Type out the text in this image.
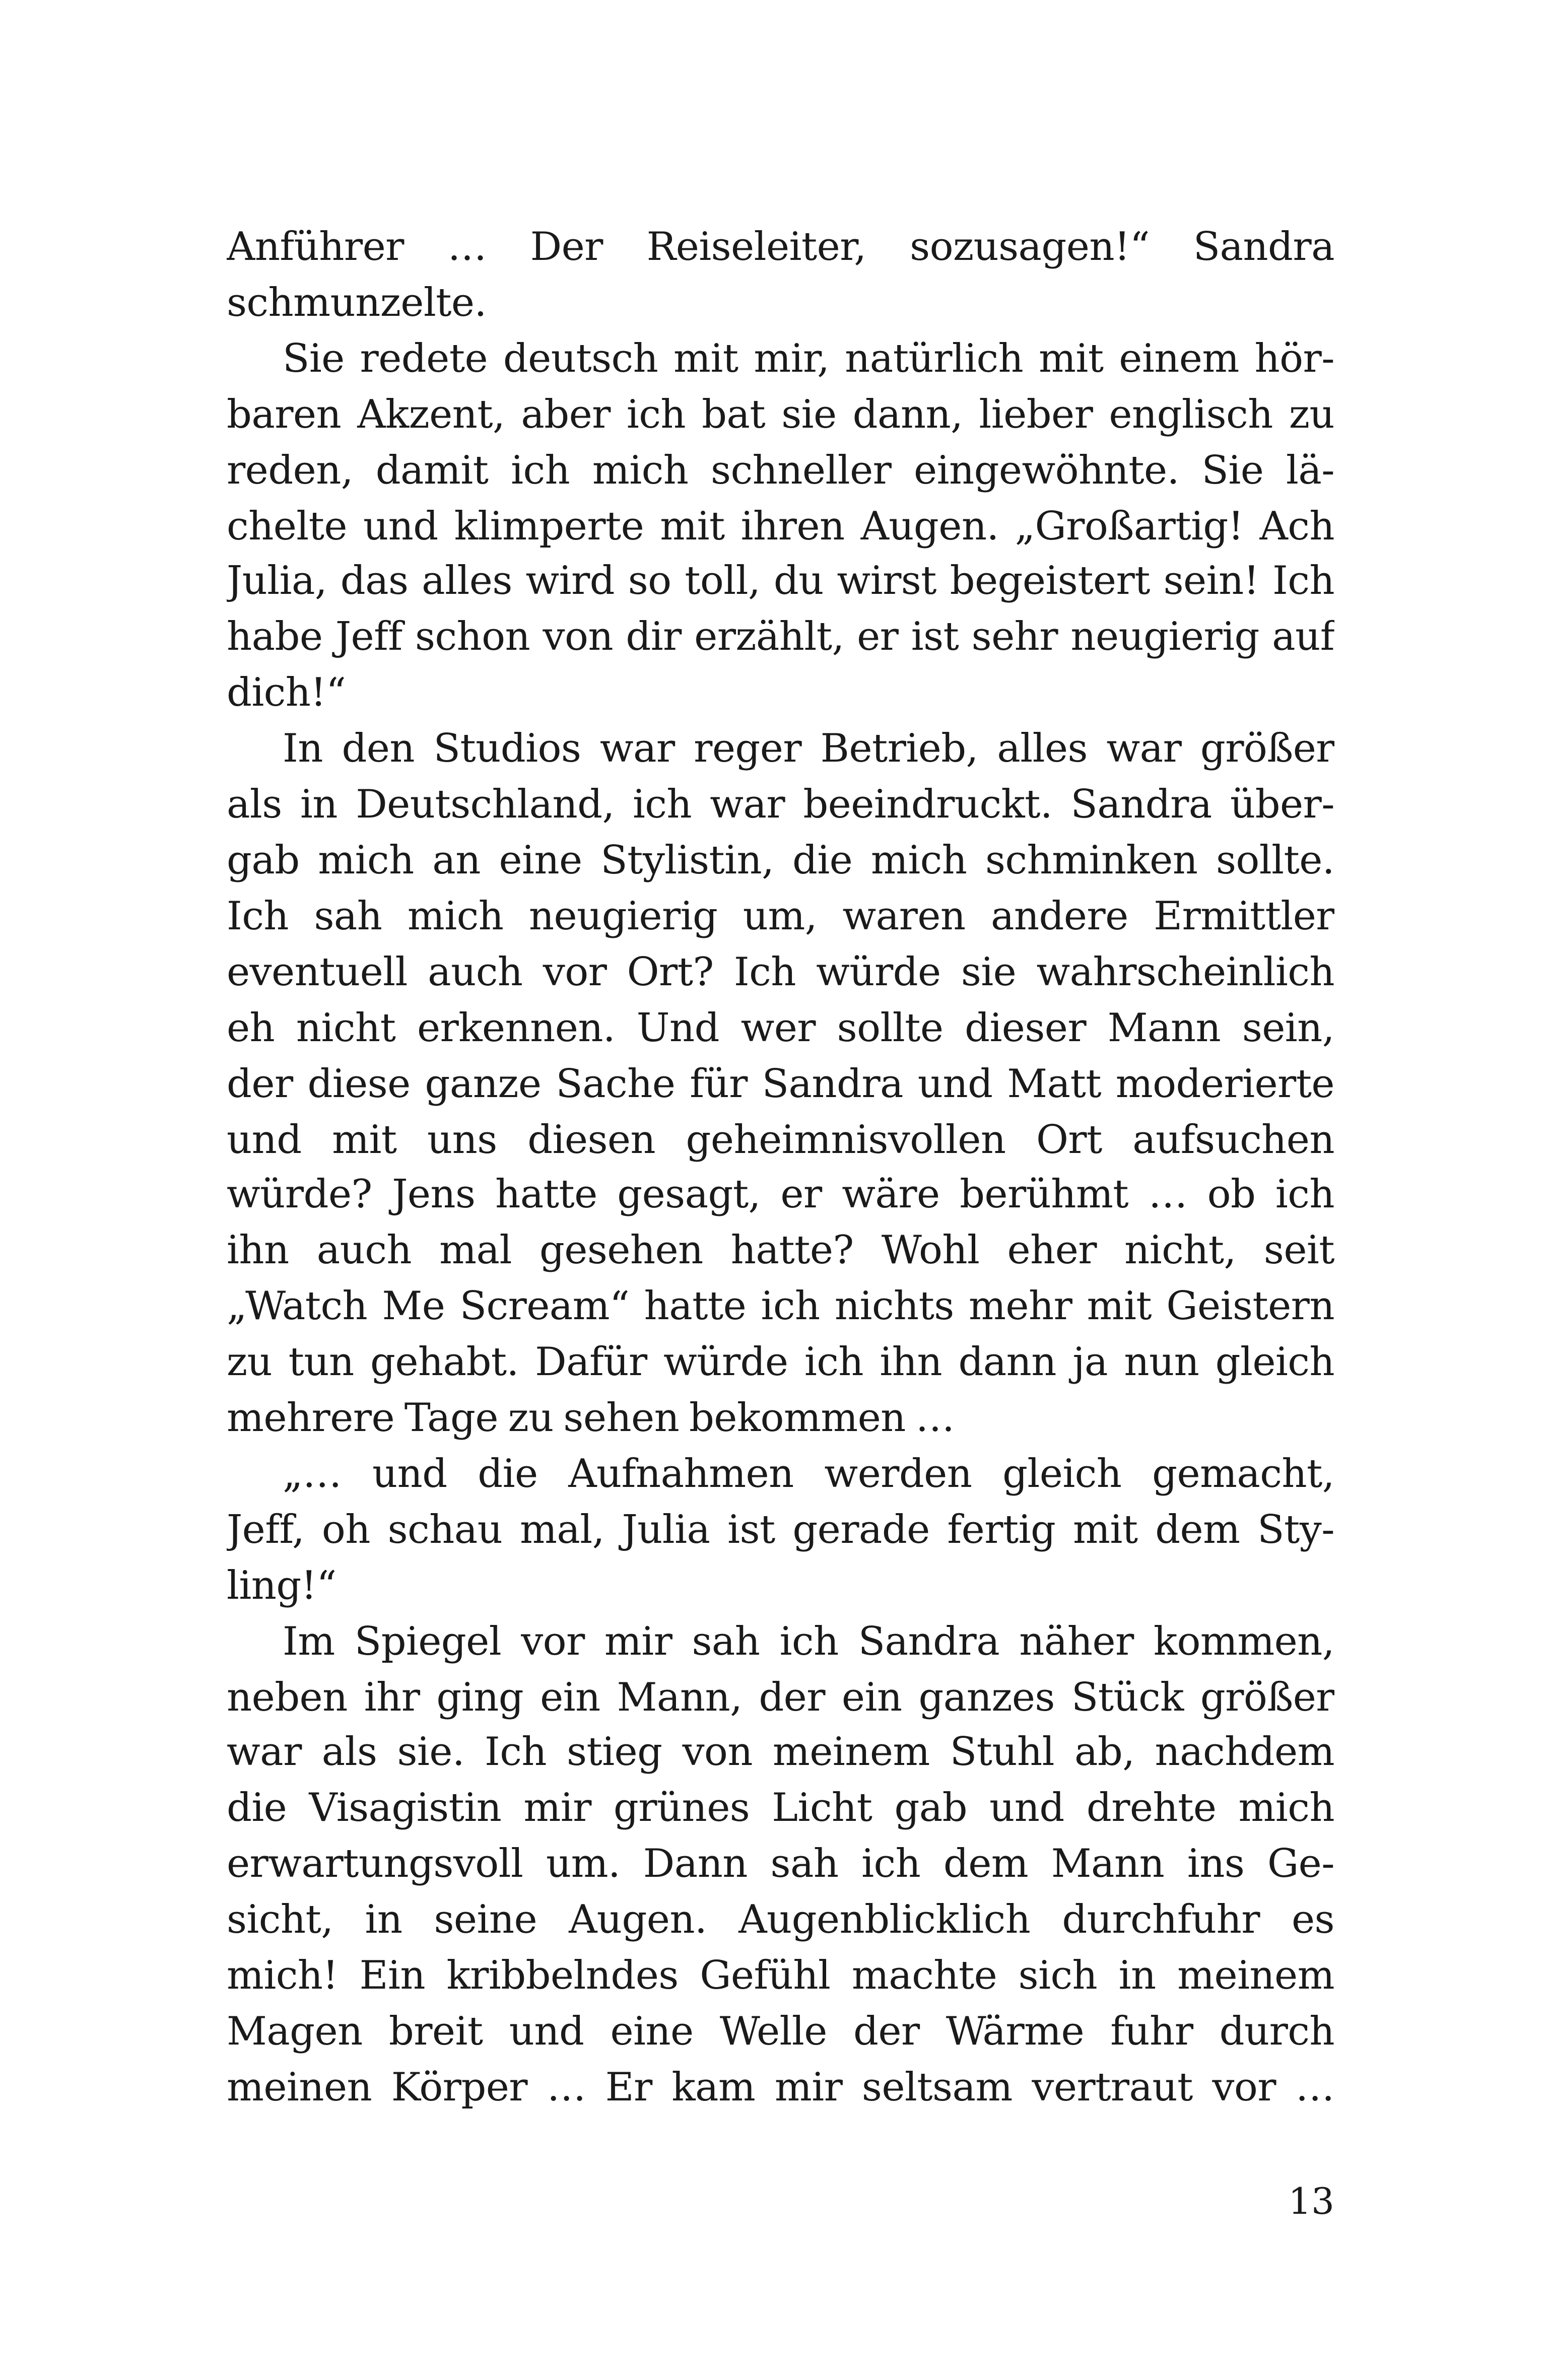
Anführer … Der Reiseleiter, sozusagen!“ Sandra
schmunzelte.
Sie redete deutsch mit mir, natürlich mit einem hör-
baren Akzent, aber ich bat sie dann, lieber englisch zu
reden, damit ich mich schneller eingewöhnte. Sie lä-
chelte und klimperte mit ihren Augen. „Großartig! Ach
Julia, das alles wird so toll, du wirst begeistert sein! Ich
habe Jeff schon von dir erzählt, er ist sehr neugierig auf
dich!“
In den Studios war reger Betrieb, alles war größer
als in Deutschland, ich war beeindruckt. Sandra über-
gab mich an eine Stylistin, die mich schminken sollte.
Ich sah mich neugierig um, waren andere Ermittler
eventuell auch vor Ort? Ich würde sie wahrscheinlich
eh nicht erkennen. Und wer sollte dieser Mann sein,
der diese ganze Sache für Sandra und Matt moderierte
und mit uns diesen geheimnisvollen Ort aufsuchen
würde? Jens hatte gesagt, er wäre berühmt … ob ich
ihn auch mal gesehen hatte? Wohl eher nicht, seit
„Watch Me Scream“ hatte ich nichts mehr mit Geistern
zu tun gehabt. Dafür würde ich ihn dann ja nun gleich
mehrere Tage zu sehen bekommen …
„… und die Aufnahmen werden gleich gemacht,
Jeff, oh schau mal, Julia ist gerade fertig mit dem Sty-
ling!“
Im Spiegel vor mir sah ich Sandra näher kommen,
neben ihr ging ein Mann, der ein ganzes Stück größer
war als sie. Ich stieg von meinem Stuhl ab, nachdem
die Visagistin mir grünes Licht gab und drehte mich
erwartungsvoll um. Dann sah ich dem Mann ins Ge-
sicht, in seine Augen. Augenblicklich durchfuhr es
mich! Ein kribbelndes Gefühl machte sich in meinem
Magen breit und eine Welle der Wärme fuhr durch
meinen Körper … Er kam mir seltsam vertraut vor …
13
